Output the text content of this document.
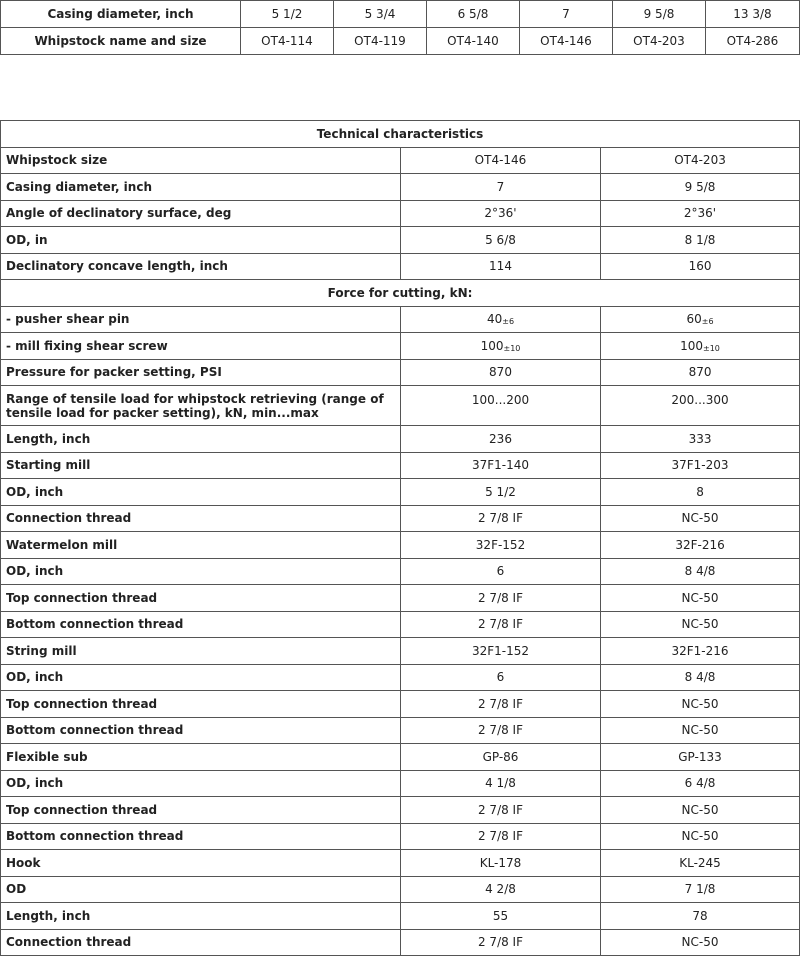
Casing diameter, inch	5 1/2	5 3/4	6 5/8	7	9 5/8	13 3/8
Whipstock name and size	OT4-114	OT4-119	OT4-140	OT4-146	OT4-203	OT4-286
Technical characteristics		
Whipstock size	OT4-146	OT4-203
Casing diameter, inch	7	9 5/8
Angle of declinatory surface, deg	2°36'	2°36'
OD, in	5 6/8	8 1/8
Declinatory concave length, inch	114	160
Force for cutting, kN:		
- pusher shear pin	40±6	60±6
- mill fixing shear screw	100±10	100±10
Pressure for packer setting, PSI	870	870
Range of tensile load for whipstock retrieving (range of tensile load for packer setting), kN, min...max	100...200	200...300
Length, inch	236	333
Starting mill	37F1-140	37F1-203
OD, inch	5 1/2	8
Connection thread	2 7/8 IF	NC-50
Watermelon mill	32F-152	32F-216
OD, inch	6	8 4/8
Top connection thread	2 7/8 IF	NC-50
Bottom connection thread	2 7/8 IF	NC-50
String mill	32F1-152	32F1-216
OD, inch	6	8 4/8
Top connection thread	2 7/8 IF	NC-50
Bottom connection thread	2 7/8 IF	NC-50
Flexible sub	GP-86	GP-133
OD, inch	4 1/8	6 4/8
Top connection thread	2 7/8 IF	NC-50
Bottom connection thread	2 7/8 IF	NC-50
Hook	KL-178	KL-245
OD	4 2/8	7 1/8
Length, inch	55	78
Connection thread	2 7/8 IF	NC-50
